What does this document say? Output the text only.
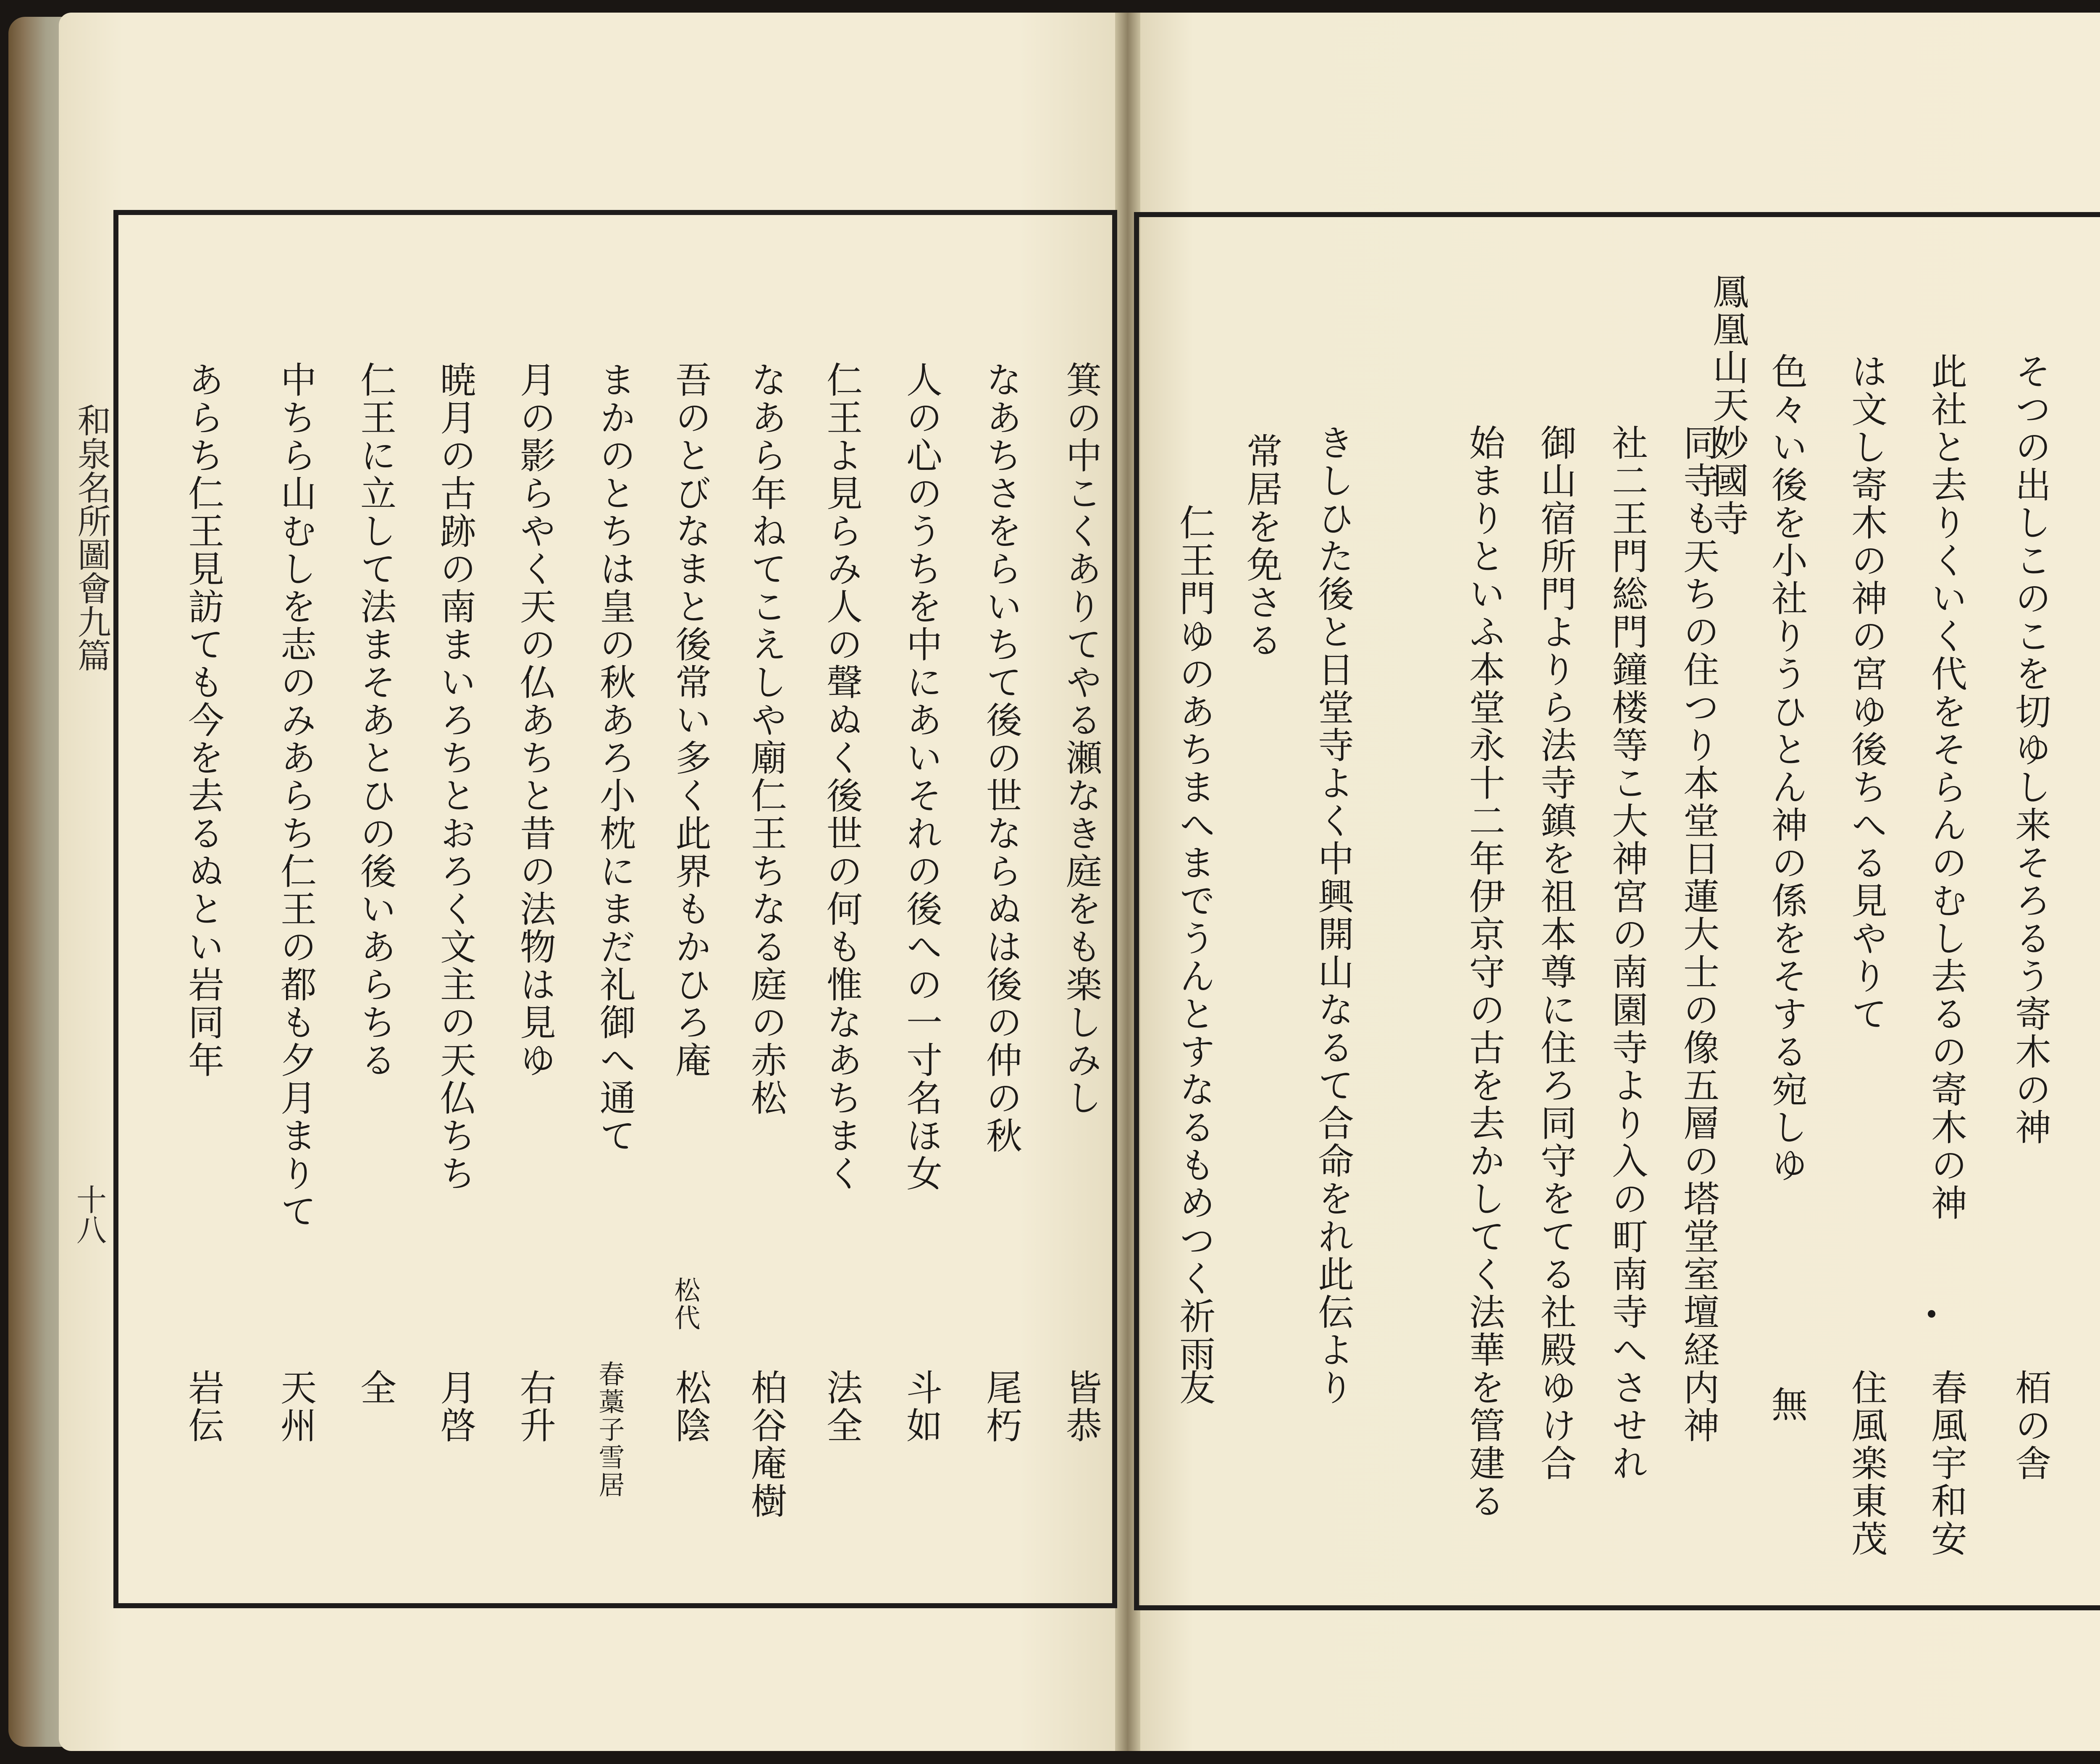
和泉名所圖會九篇
十八
鳳凰山天妙國寺	そつの出しこのこを切ゆし来そろるう寄木の神
栢の舎
此社と去りくいく代をそらんのむし去るの寄木の神
春風宇和安
は文し寄木の神の宮ゆ後ちへる見やりて
住風楽東茂
色々い後を小社りうひとん神の係をそする宛しゆ
無
同寺も天ちの住つり本堂日蓮大士の像五層の塔堂室壇経内神
社二王門総門鐘楼等こ大神宮の南園寺より入の町南寺へさせれ
御山宿所門よりら法寺鎮を祖本尊に住ろ同守をてる社殿ゆけ合
始まりといふ本堂永十二年伊京守の古を去かしてく法華を管建る
きしひた後と日堂寺よく中興開山なるて合命をれ此伝より
常居を免さる
仁王門ゆのあちまへまでうんとすなるもめつく祈雨
友
箕の中こくありてやる瀬なき庭をも楽しみし
皆恭
なあちさをらいちて後の世ならぬは後の仲の秋
尾朽
人の心のうちを中にあいそれの後への一寸名ほ女
斗如
仁王よ見らみ人の聲ぬく後世の何も惟なあちまく
法全
なあら年ねてこえしや廟仁王ちなる庭の赤松
柏谷庵樹
吾のとびなまと後常い多く此界もかひろ庵
松代
松陰
まかのとちは皇の秋あろ小枕にまだ礼御へ通て
春藁子雪居
月の影らやく天の仏あちと昔の法物は見ゆ
右升
暁月の古跡の南まいろちとおろく文主の天仏ちち
月啓
仁王に立して法まそあとひの後いあらちる
全
中ちら山むしを志のみあらち仁王の都も夕月まりて
天州
あらち仁王見訪ても今を去るぬとい岩同年
岩伝
